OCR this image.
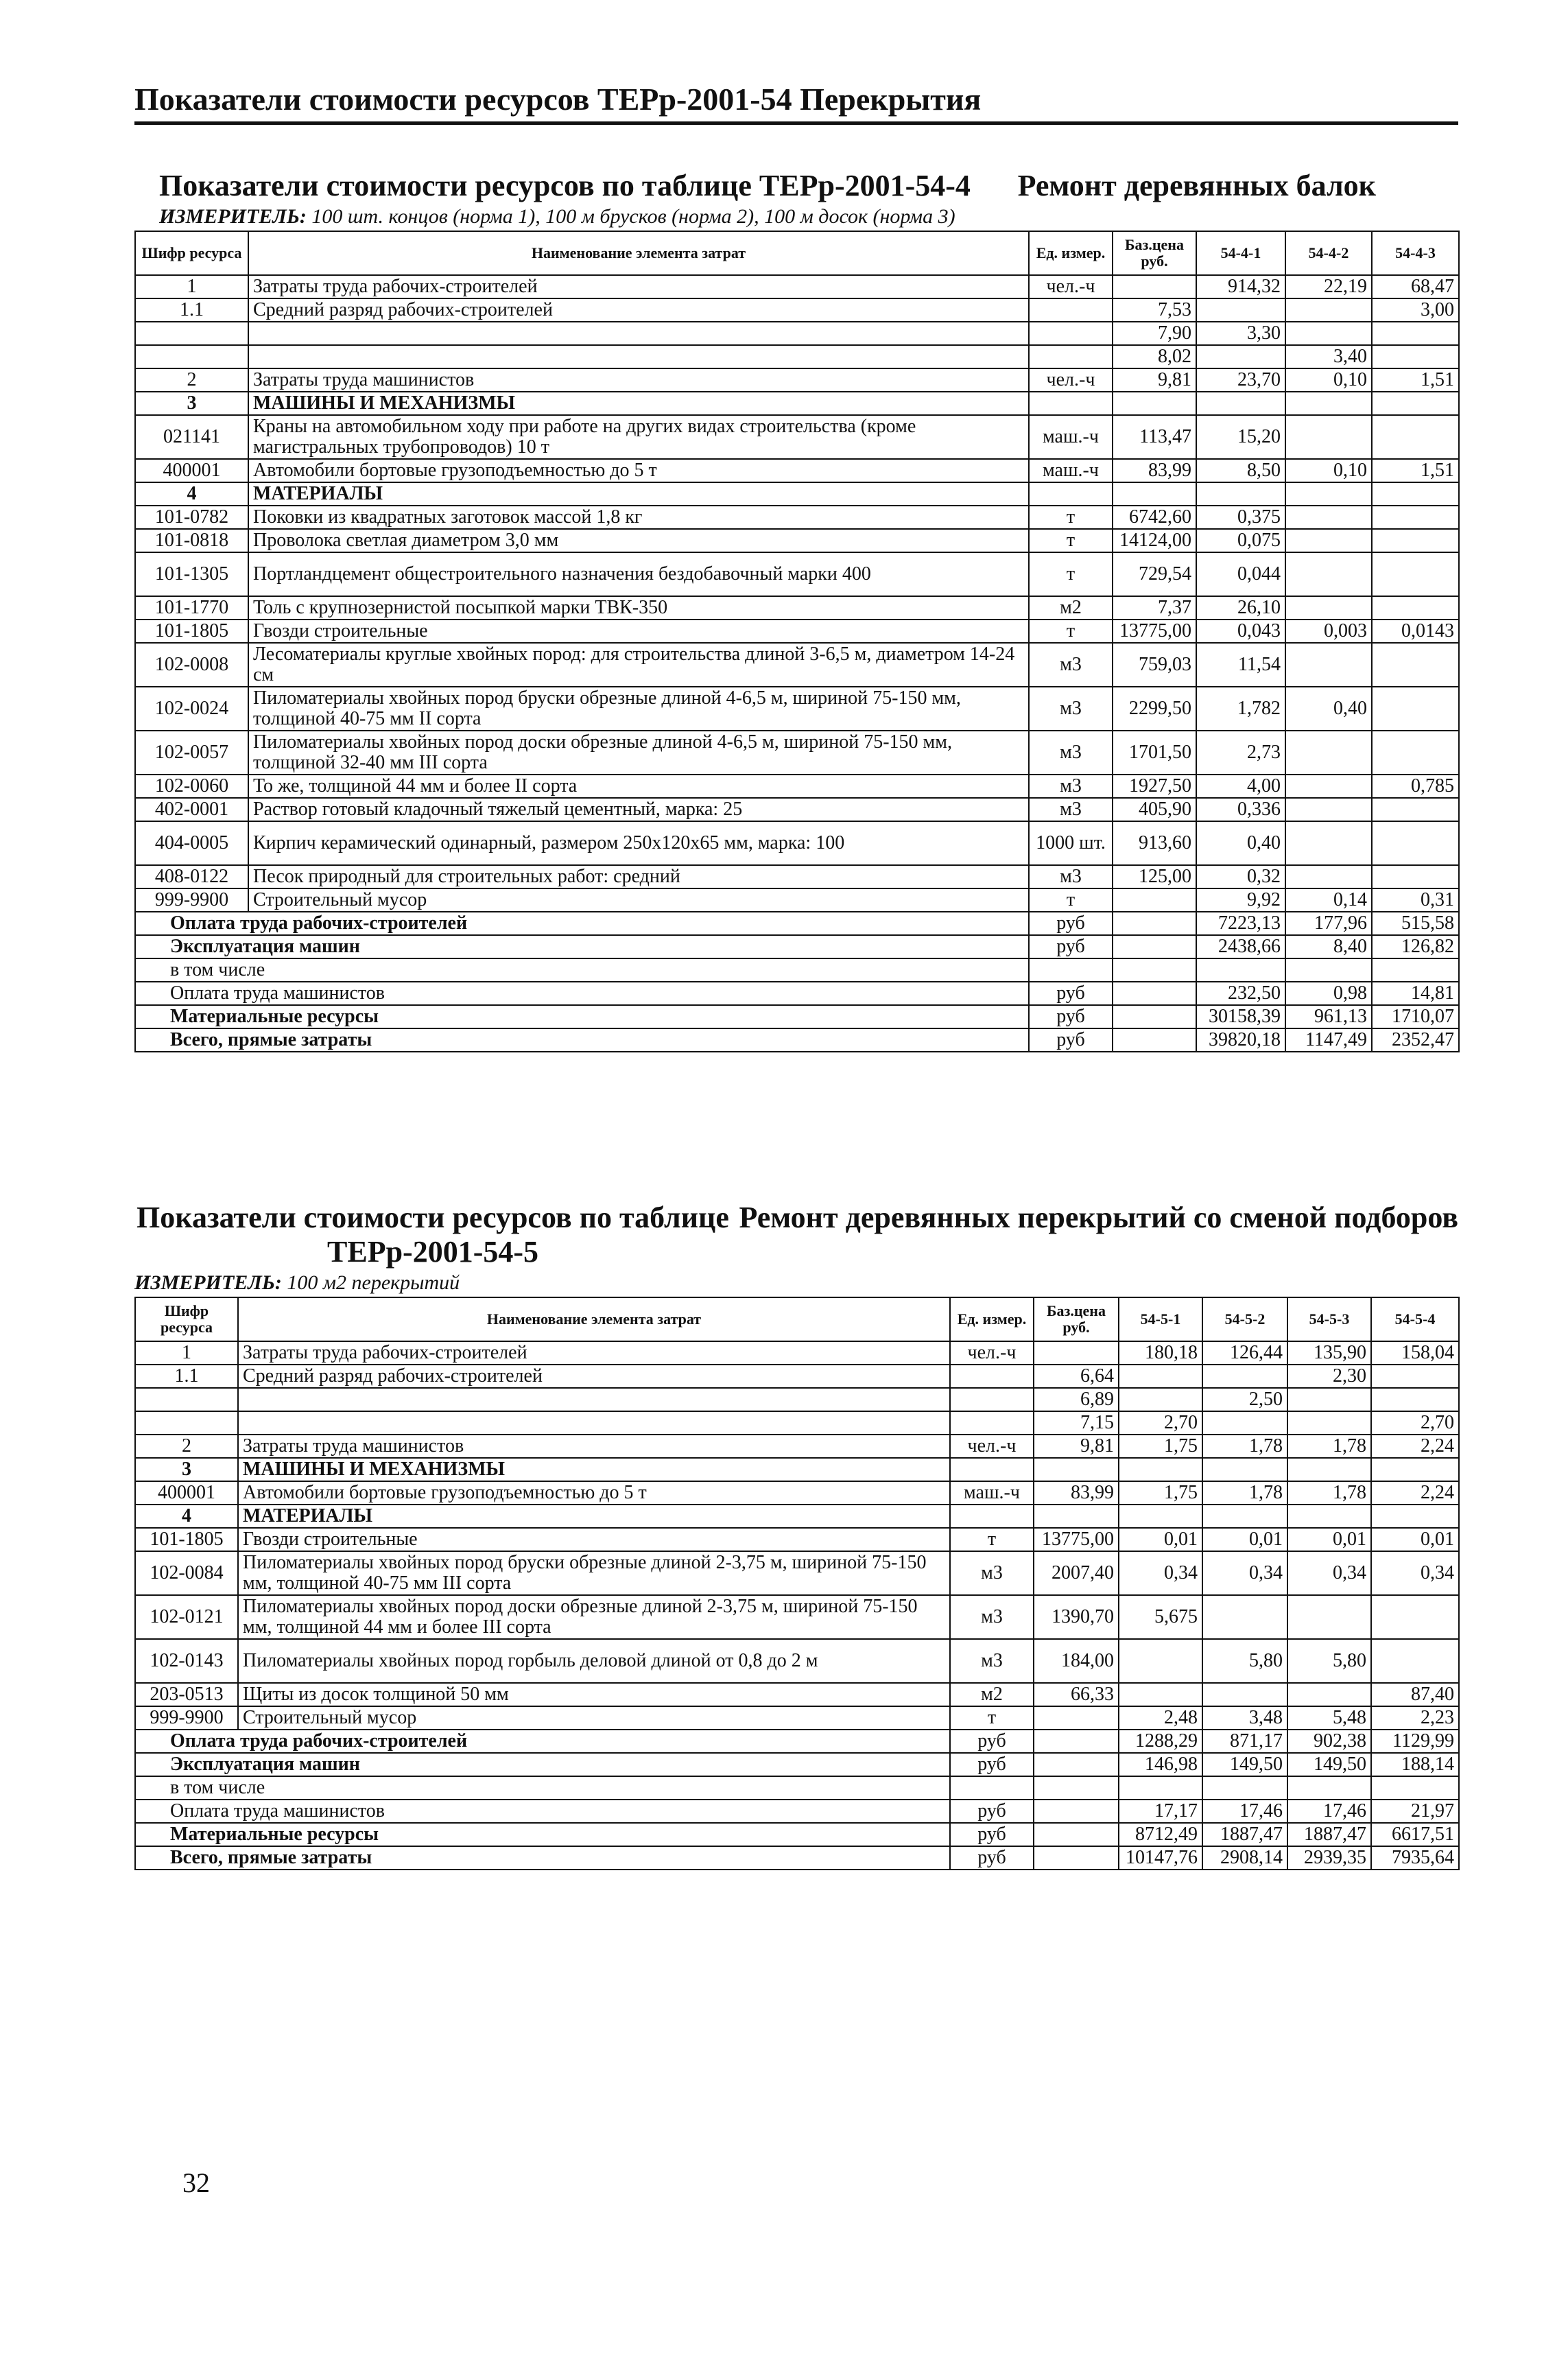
Показатели стоимости ресурсов ТЕРр-2001-54 Перекрытия
Показатели стоимости ресурсов по таблице ТЕРр-2001-54-4 Ремонт деревянных балок
ИЗМЕРИТЕЛЬ: 100 шт. концов (норма 1), 100 м брусков (норма 2), 100 м досок (норма 3)
Шифр ресурса	Наименование элемента затрат	Ед. измер.	Баз.цена руб.	54-4-1	54-4-2	54-4-3
1	Затраты труда рабочих-строителей	чел.-ч		914,32	22,19	68,47
1.1	Средний разряд рабочих-строителей		7,53			3,00
			7,90	3,30		
			8,02		3,40	
2	Затраты труда машинистов	чел.-ч	9,81	23,70	0,10	1,51
3	МАШИНЫ И МЕХАНИЗМЫ					
021141	Краны на автомобильном ходу при работе на других видах строительства (кроме магистральных трубопроводов) 10 т	маш.-ч	113,47	15,20		
400001	Автомобили бортовые грузоподъемностью до 5 т	маш.-ч	83,99	8,50	0,10	1,51
4	МАТЕРИАЛЫ					
101-0782	Поковки из квадратных заготовок массой 1,8 кг	т	6742,60	0,375		
101-0818	Проволока светлая диаметром 3,0 мм	т	14124,00	0,075		
101-1305	Портландцемент общестроительного назначения бездобавочный марки 400	т	729,54	0,044		
101-1770	Толь с крупнозернистой посыпкой марки ТВК-350	м2	7,37	26,10		
101-1805	Гвозди строительные	т	13775,00	0,043	0,003	0,0143
102-0008	Лесоматериалы круглые хвойных пород: для строительства длиной 3-6,5 м, диаметром 14-24 см	м3	759,03	11,54		
102-0024	Пиломатериалы хвойных пород бруски обрезные длиной 4-6,5 м, шириной 75-150 мм, толщиной 40-75 мм II сорта	м3	2299,50	1,782	0,40	
102-0057	Пиломатериалы хвойных пород доски обрезные длиной 4-6,5 м, шириной 75-150 мм, толщиной 32-40 мм III сорта	м3	1701,50	2,73		
102-0060	То же, толщиной 44 мм и более II сорта	м3	1927,50	4,00		0,785
402-0001	Раствор готовый кладочный тяжелый цементный, марка: 25	м3	405,90	0,336		
404-0005	Кирпич керамический одинарный, размером 250х120х65 мм, марка: 100	1000 шт.	913,60	0,40		
408-0122	Песок природный для строительных работ: средний	м3	125,00	0,32		
999-9900	Строительный мусор	т		9,92	0,14	0,31
Оплата труда рабочих-строителей		руб		7223,13	177,96	515,58
Эксплуатация машин		руб		2438,66	8,40	126,82
в том числе						
Оплата труда машинистов		руб		232,50	0,98	14,81
Материальные ресурсы		руб		30158,39	961,13	1710,07
Всего, прямые затраты		руб		39820,18	1147,49	2352,47
Показатели стоимости ресурсов по таблице ТЕРр-2001-54-5
Ремонт деревянных перекрытий со сменой подборов
ИЗМЕРИТЕЛЬ: 100 м2 перекрытий
Шифр ресурса	Наименование элемента затрат	Ед. измер.	Баз.цена руб.	54-5-1	54-5-2	54-5-3	54-5-4
1	Затраты труда рабочих-строителей	чел.-ч		180,18	126,44	135,90	158,04
1.1	Средний разряд рабочих-строителей		6,64			2,30	
			6,89		2,50		
			7,15	2,70			2,70
2	Затраты труда машинистов	чел.-ч	9,81	1,75	1,78	1,78	2,24
3	МАШИНЫ И МЕХАНИЗМЫ						
400001	Автомобили бортовые грузоподъемностью до 5 т	маш.-ч	83,99	1,75	1,78	1,78	2,24
4	МАТЕРИАЛЫ						
101-1805	Гвозди строительные	т	13775,00	0,01	0,01	0,01	0,01
102-0084	Пиломатериалы хвойных пород бруски обрезные длиной 2-3,75 м, шириной 75-150 мм, толщиной 40-75 мм III сорта	м3	2007,40	0,34	0,34	0,34	0,34
102-0121	Пиломатериалы хвойных пород доски обрезные длиной 2-3,75 м, шириной 75-150 мм, толщиной 44 мм и более III сорта	м3	1390,70	5,675			
102-0143	Пиломатериалы хвойных пород горбыль деловой длиной от 0,8 до 2 м	м3	184,00		5,80	5,80	
203-0513	Щиты из досок толщиной 50 мм	м2	66,33				87,40
999-9900	Строительный мусор	т		2,48	3,48	5,48	2,23
Оплата труда рабочих-строителей		руб		1288,29	871,17	902,38	1129,99
Эксплуатация машин		руб		146,98	149,50	149,50	188,14
в том числе							
Оплата труда машинистов		руб		17,17	17,46	17,46	21,97
Материальные ресурсы		руб		8712,49	1887,47	1887,47	6617,51
Всего, прямые затраты		руб		10147,76	2908,14	2939,35	7935,64
32
